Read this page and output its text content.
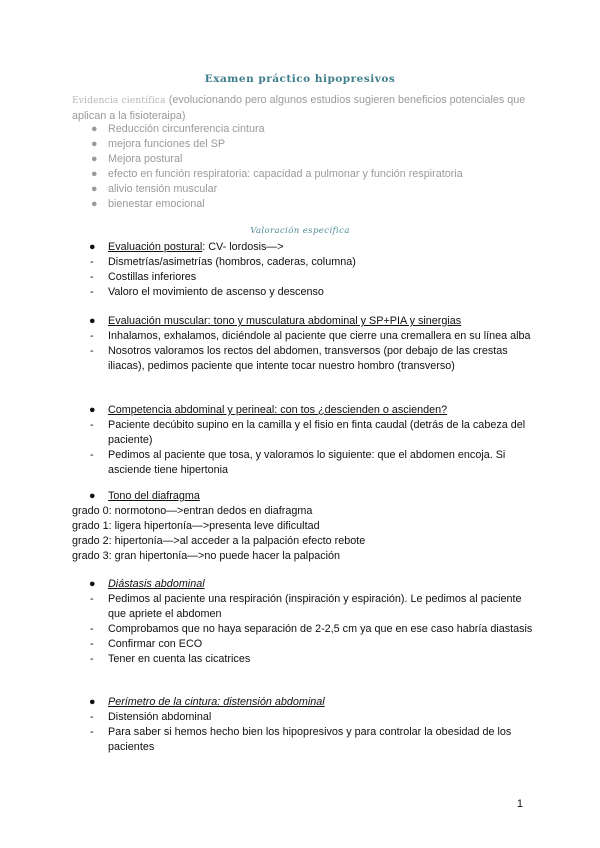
Examen práctico hipopresivos
Evidencia científica (evolucionando pero algunos estudios sugieren beneficios potenciales que aplican a la fisioteraipa)
● Reducción circunferencia cintura
● mejora funciones del SP
● Mejora postural
● efecto en función respiratoria: capacidad a pulmonar y función respiratoria
● alivio tensión muscular
● bienestar emocional
Valoración específica
●	Evaluación postural: CV- lordosis—>
-	Dismetrías/asimetrías (hombros, caderas, columna)
-	Costillas inferiores
-	Valoro el movimiento de ascenso y descenso
●	Evaluación muscular: tono y musculatura abdominal y SP+PIA y sinergias
-	Inhalamos, exhalamos, diciéndole al paciente que cierre una cremallera en su línea alba
-	Nosotros valoramos los rectos del abdomen, transversos (por debajo de las crestas iliacas), pedimos paciente que intente tocar nuestro hombro (transverso)
●	Competencia abdominal y perineal: con tos ¿descienden o ascienden?
-	Paciente decúbito supino en la camilla y el fisio en finta caudal (detrás de la cabeza del paciente)
-	Pedimos al paciente que tosa, y valoramos lo siguiente: que el abdomen encoja. Si asciende tiene hipertonia
●	Tono del diafragma
grado 0: normotono—>entran dedos en diafragma
grado 1: ligera hipertonía—>presenta leve dificultad
grado 2: hipertonía—>al acceder a la palpación efecto rebote
grado 3: gran hipertonía—>no puede hacer la palpación
●	Diástasis abdominal
-	Pedimos al paciente una respiración (inspiración y espiración). Le pedimos al paciente que apriete el abdomen
-	Comprobamos que no haya separación de 2-2,5 cm ya que en ese caso habría diastasis
-	Confirmar con ECO
-	Tener en cuenta las cicatrices
●	Perímetro de la cintura: distensión abdominal
-	Distensión abdominal
-	Para saber si hemos hecho bien los hipopresivos y para controlar la obesidad de los pacientes
1
